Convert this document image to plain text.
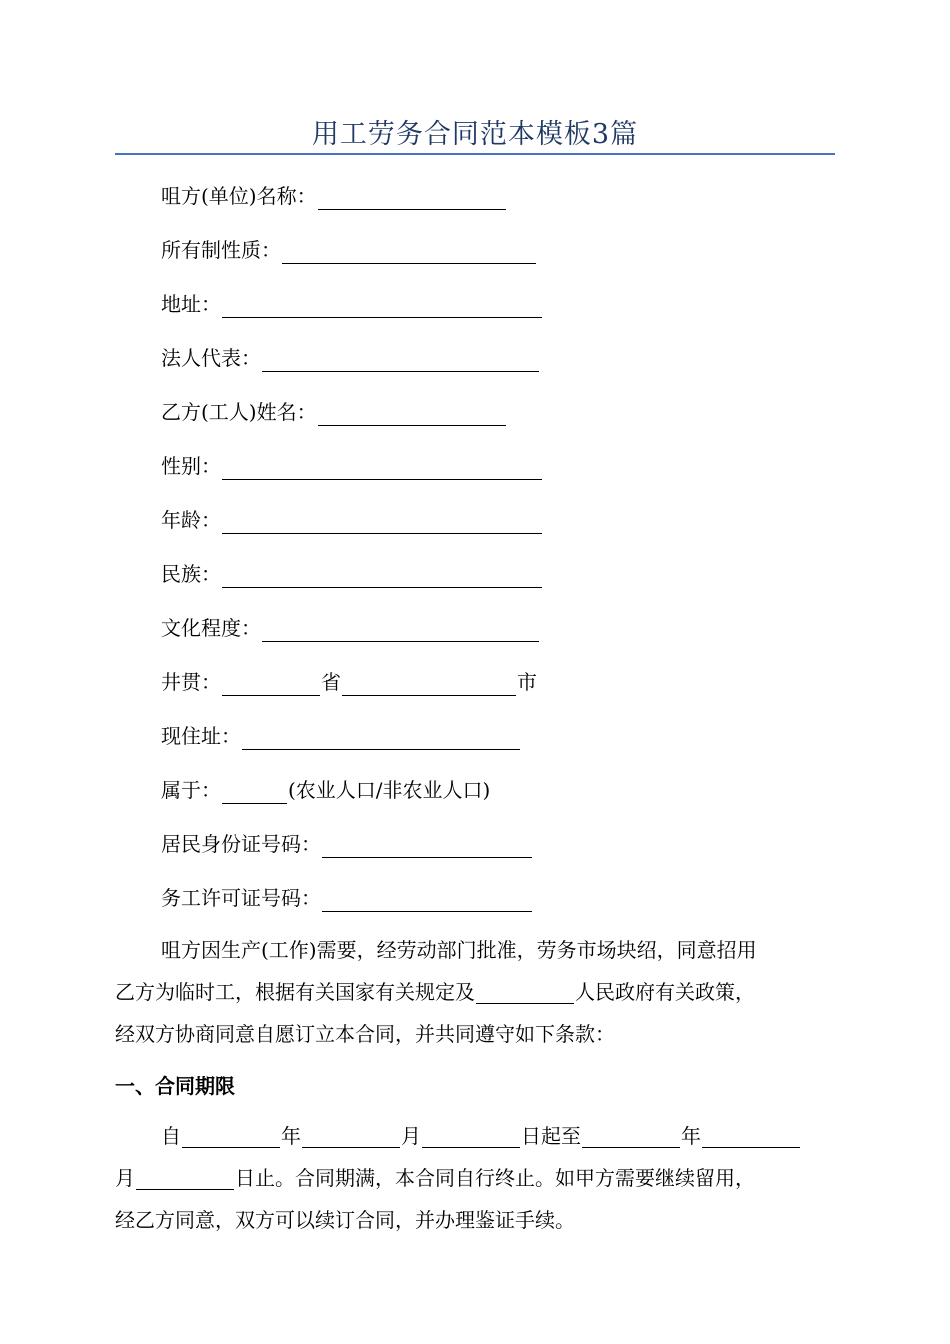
用工劳务合同范本模板3篇
咀方(单位)名称：
所有制性质：
地址：
法人代表：
乙方(工人)姓名：
性别：
年龄：
民族：
文化程度：
井贯：	省	市
现住址：
属于：	(农业人口/非农业人口)
居民身份证号码：
务工许可证号码：
咀方因生产(工作)需要，经劳动部门批准，劳务市场块绍，同意招用
乙方为临时工，根据有关国家有关规定及	人民政府有关政策，
经双方协商同意自愿订立本合同，并共同遵守如下条款：
一、合同期限
自	年	月	日起至	年
月	日止。合同期满，本合同自行终止。如甲方需要继续留用，
经乙方同意，双方可以续订合同，并办理鉴证手续。
